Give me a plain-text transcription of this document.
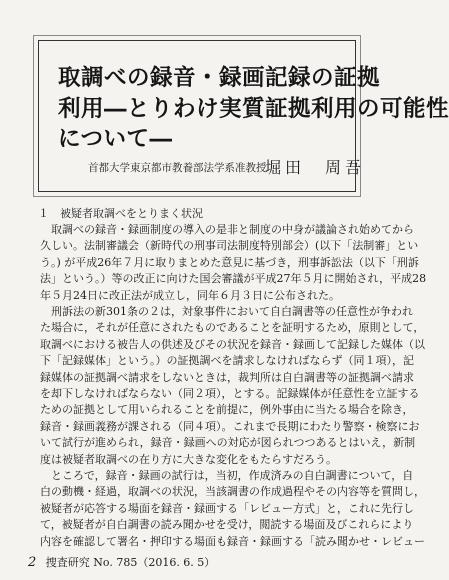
取調べの録音・録画記録の証拠
利用―とりわけ実質証拠利用の可能性
について―
首都大学東京都市教養部法学系准教授
堀田　周吾
１　被疑者取調べをとりまく状況
　取調べの録音・録画制度の導入の是非と制度の中身が議論され始めてから
久しい。法制審議会（新時代の刑事司法制度特別部会）(以下「法制審」とい
う。) が平成26年７月に取りまとめた意見に基づき，刑事訴訟法（以下「刑訴
法」という。）等の改正に向けた国会審議が平成27年５月に開始され，平成28
年５月24日に改正法が成立し，同年６月３日に公布された。
　刑訴法の新301条の２は，対象事件において自白調書等の任意性が争われ
た場合に，それが任意にされたものであることを証明するため，原則として，
取調べにおける被告人の供述及びその状況を録音・録画して記録した媒体（以
下「記録媒体」という。）の証拠調べを請求しなければならず（同１項），記
録媒体の証拠調べ請求をしないときは，裁判所は自白調書等の証拠調べ請求
を却下しなければならない（同２項），とする。記録媒体が任意性を立証する
ための証拠として用いられることを前提に，例外事由に当たる場合を除き，
録音・録画義務が課される（同４項）。これまで長期にわたり警察・検察にお
いて試行が進められ，録音・録画への対応が図られつつあるとはいえ，新制
度は被疑者取調べの在り方に大きな変化をもたらすだろう。
　ところで，録音・録画の試行は，当初，作成済みの自白調書について，自
白の動機・経過，取調べの状況，当該調書の作成過程やその内容等を質問し，
被疑者が応答する場面を録音・録画する「レビュー方式」と，これに先行し
て，被疑者が自白調書の読み聞かせを受け，閲読する場面及びこれらにより
内容を確認して署名・押印する場面も録音・録画する「読み聞かせ・レビュー
2 捜査研究 No. 785（2016. 6. 5）
